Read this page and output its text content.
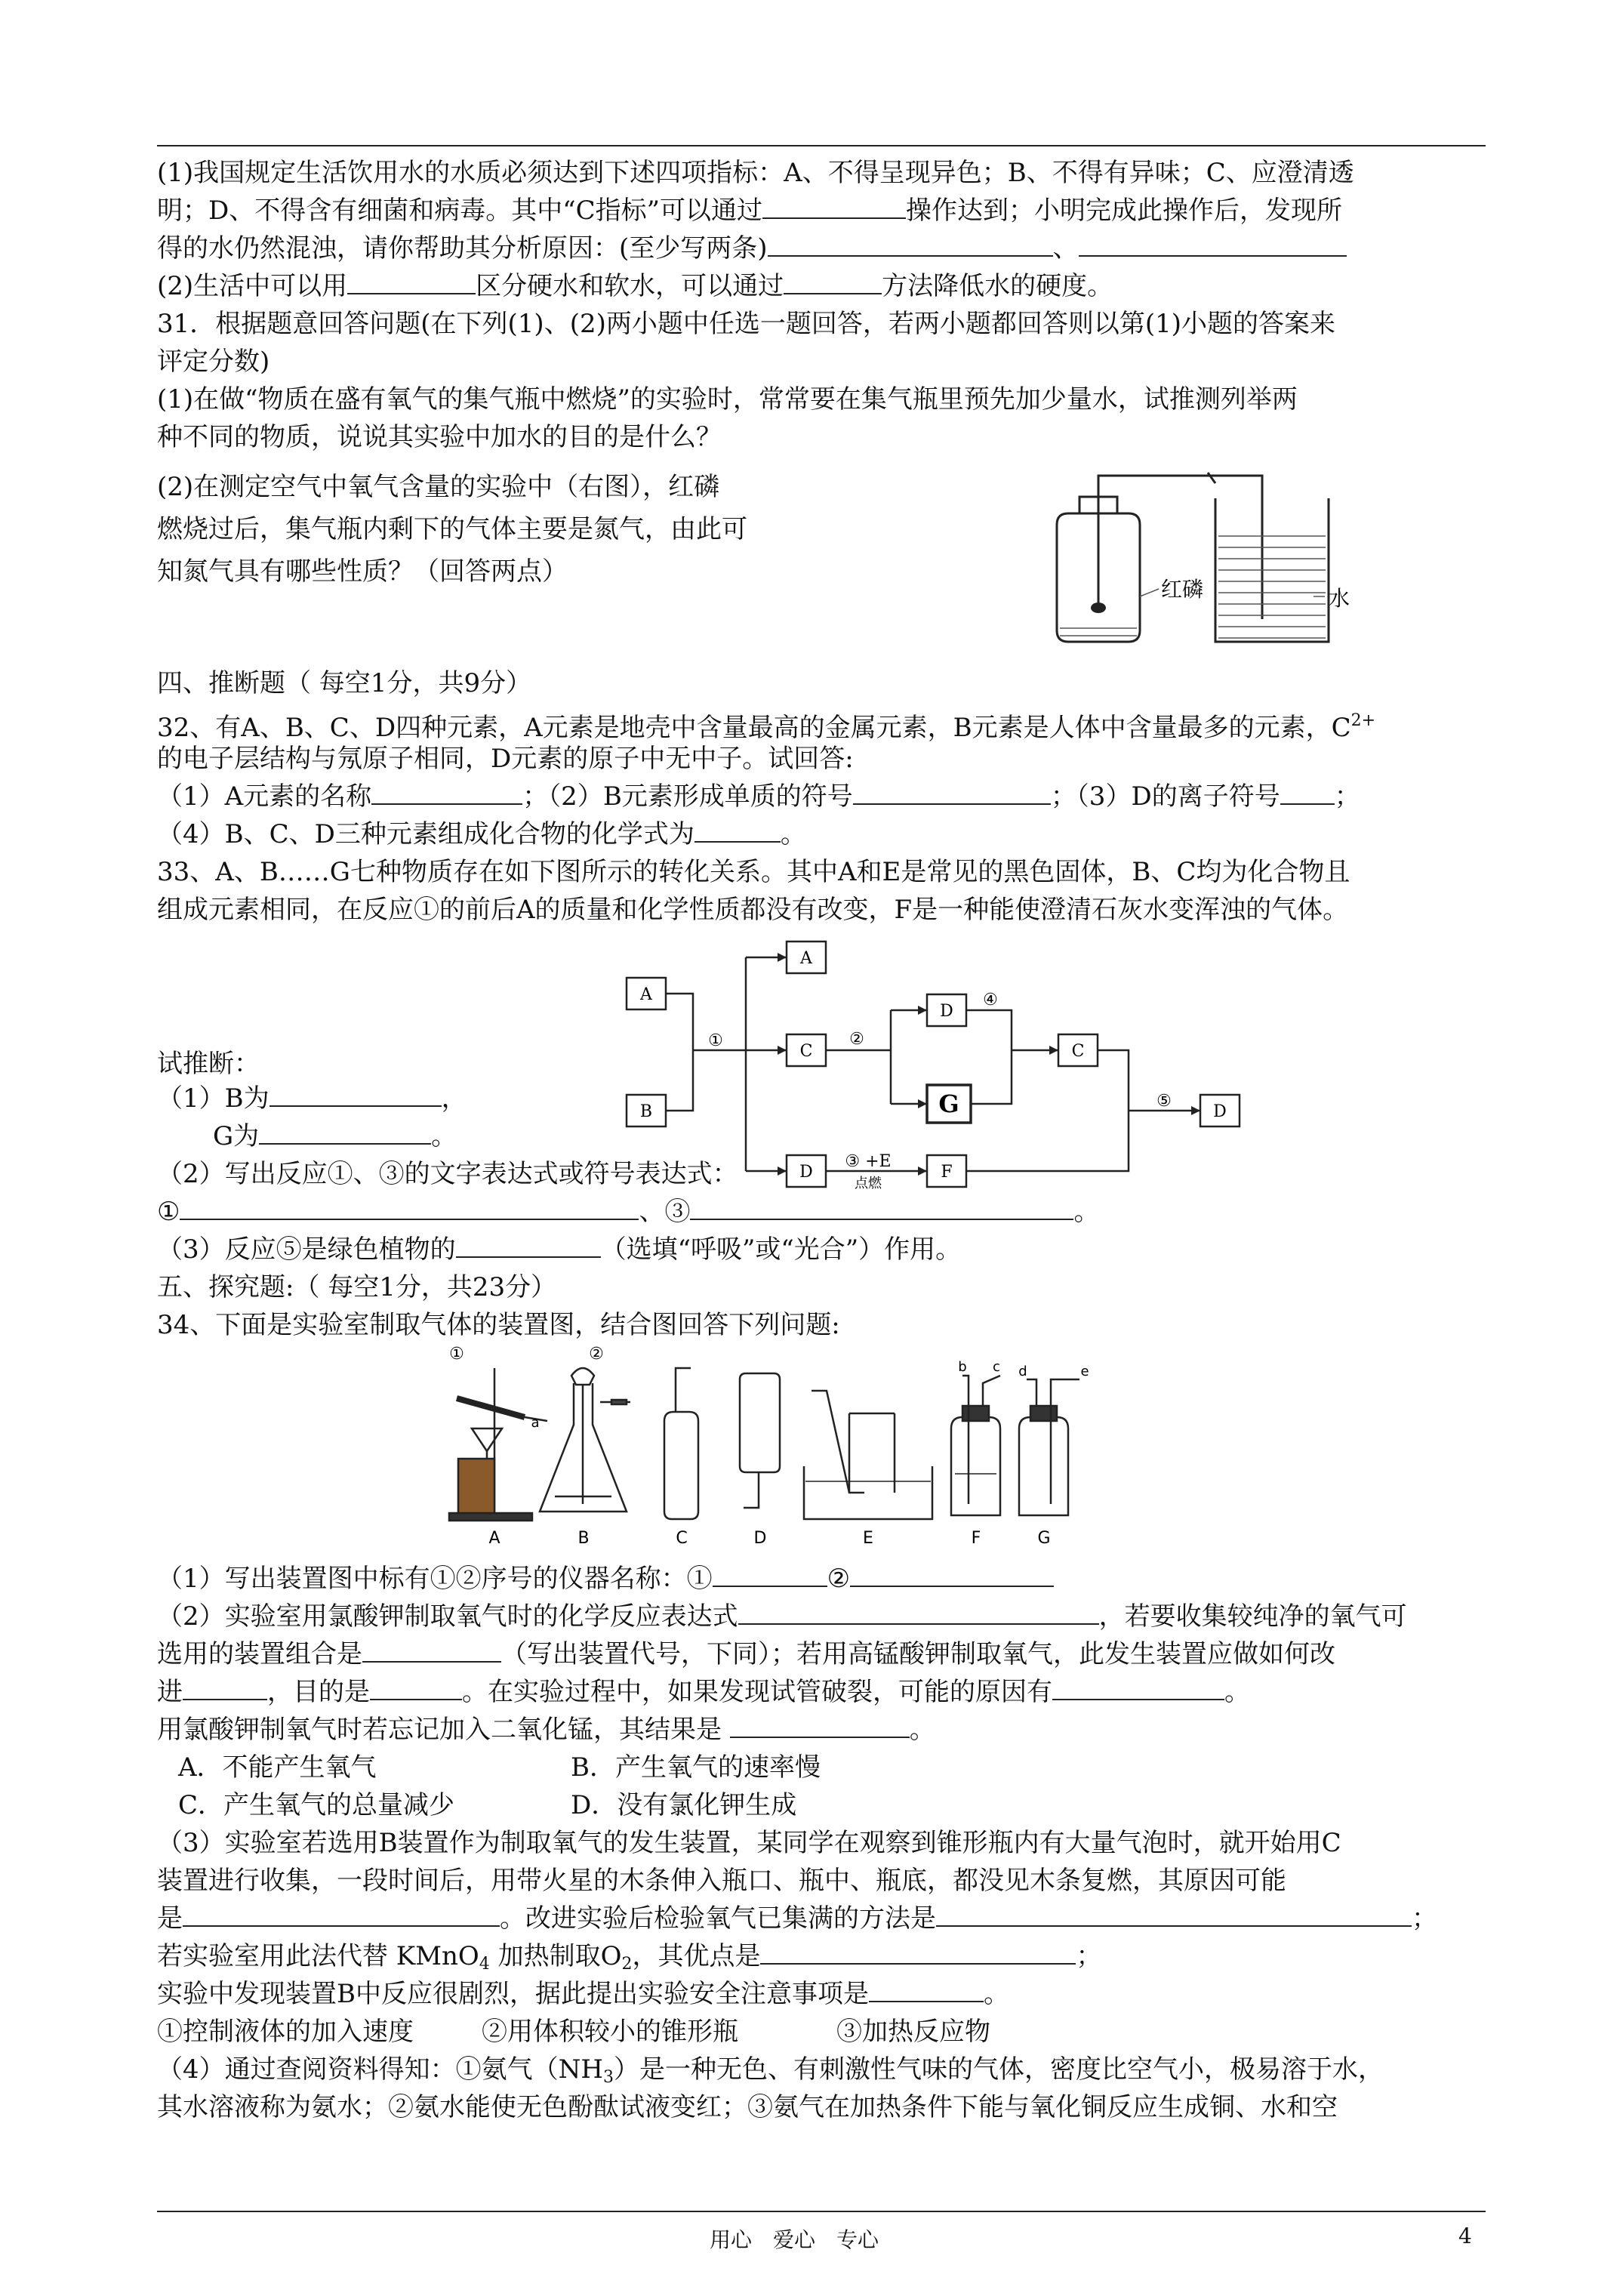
(1)我国规定生活饮用水的水质必须达到下述四项指标：A、不得呈现异色；B、不得有异味；C、应澄清透
明；D、不得含有细菌和病毒。其中“C指标”可以通过	操作达到；小明完成此操作后，发现所
得的水仍然混浊，请你帮助其分析原因：(至少写两条)	、
(2)生活中可以用	区分硬水和软水，可以通过	方法降低水的硬度。
31．根据题意回答问题(在下列(1)、(2)两小题中任选一题回答，若两小题都回答则以第(1)小题的答案来
评定分数)
(1)在做“物质在盛有氧气的集气瓶中燃烧”的实验时，常常要在集气瓶里预先加少量水，试推测列举两
种不同的物质，说说其实验中加水的目的是什么？
(2)在测定空气中氧气含量的实验中（右图），红磷
燃烧过后，集气瓶内剩下的气体主要是氮气，由此可
知氮气具有哪些性质？（回答两点）
红磷	水
四、推断题（ 每空1分，共9分）
32、有A、B、C、D四种元素，A元素是地壳中含量最高的金属元素，B元素是人体中含量最多的元素，$C^{2+}$
的电子层结构与氖原子相同，D元素的原子中无中子。试回答:
（1）A元素的名称	；（2）B元素形成单质的符号	；（3）D的离子符号 ；
（4）B、C、D三种元素组成化合物的化学式为	。
33、A、B……G七种物质存在如下图所示的转化关系。其中A和E是常见的黑色固体，B、C均为化合物且
组成元素相同，在反应①的前后A的质量和化学性质都没有改变，F是一种能使澄清石灰水变浑浊的气体。
A
B
A
C
D
D
G
F
C
D
①	②
③ +E
点燃
④
⑤
试推断：
（1）B为	，
G为	。
（2）写出反应①、③的文字表达式或符号表达式：
①	、③	。
（3）反应⑤是绿色植物的	（选填“呼吸”或“光合”）作用。
五、探究题:（ 每空1分，共23分）
34、下面是实验室制取气体的装置图，结合图回答下列问题:
①	②
a
b c d	e
A	B	C	D	E	F	G
（1）写出装置图中标有①②序号的仪器名称：①	②
（2）实验室用氯酸钾制取氧气时的化学反应表达式	，若要收集较纯净的氧气可
选用的装置组合是	（写出装置代号，下同）；若用高锰酸钾制取氧气，此发生装置应做如何改
进	，目的是	。在实验过程中，如果发现试管破裂，可能的原因有	。
用氯酸钾制氧气时若忘记加入二氧化锰，其结果是	。
A．不能产生氧气	B．产生氧气的速率慢
C．产生氧气的总量减少	D．没有氯化钾生成
（3）实验室若选用B装置作为制取氧气的发生装置，某同学在观察到锥形瓶内有大量气泡时，就开始用C
装置进行收集，一段时间后，用带火星的木条伸入瓶口、瓶中、瓶底，都没见木条复燃，其原因可能
是	。改进实验后检验氧气已集满的方法是	；
若实验室用此法代替 KMnO$_4$ 加热制取$O_2$，其优点是	；
实验中发现装置B中反应很剧烈，据此提出实验安全注意事项是	。
①控制液体的加入速度	②用体积较小的锥形瓶	③加热反应物
（4）通过查阅资料得知：①氨气$(NH_3)$是一种无色、有刺激性气味的气体，密度比空气小，极易溶于水，
其水溶液称为氨水；②氨水能使无色酚酞试液变红；③氨气在加热条件下能与氧化铜反应生成铜、水和空
用心　爱心　专心	4
